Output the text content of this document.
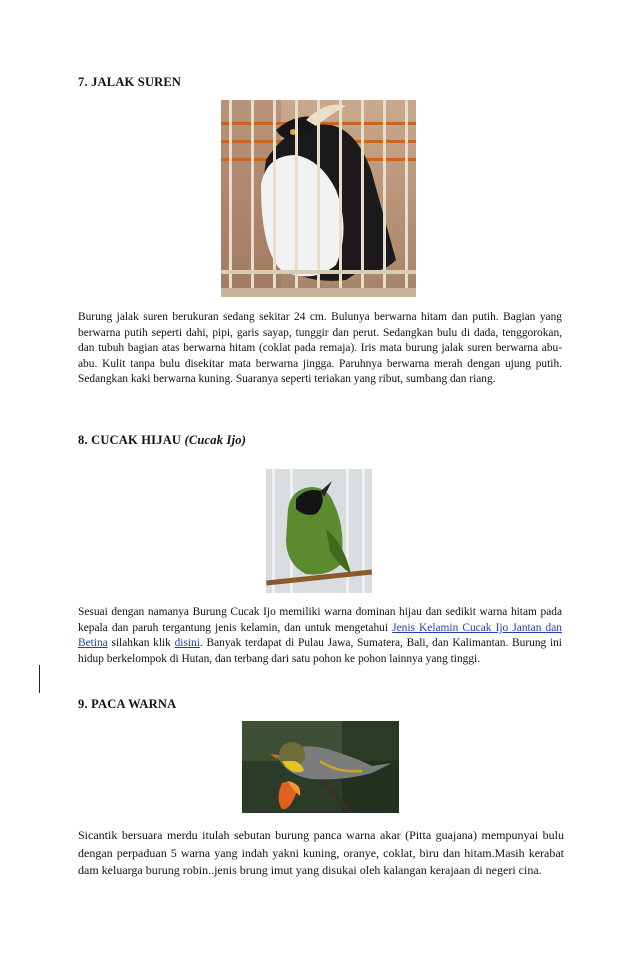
7. JALAK SUREN
Burung jalak suren berukuran sedang sekitar 24 cm. Bulunya berwarna hitam dan putih. Bagian yang berwarna putih seperti dahi, pipi, garis sayap, tunggir dan perut. Sedangkan bulu di dada, tenggorokan, dan tubuh bagian atas berwarna hitam (coklat pada remaja). Iris mata burung jalak suren berwarna abu-abu. Kulit tanpa bulu disekitar mata berwarna jingga. Paruhnya berwarna merah dengan ujung putih. Sedangkan kaki berwarna kuning. Suaranya seperti teriakan yang ribut, sumbang dan riang.
8. CUCAK HIJAU (Cucak Ijo)
Sesuai dengan namanya Burung Cucak Ijo memiliki warna dominan hijau dan sedikit warna hitam pada kepala dan paruh tergantung jenis kelamin, dan untuk mengetahui Jenis Kelamin Cucak Ijo Jantan dan Betina silahkan klik disini. Banyak terdapat di Pulau Jawa, Sumatera, Bali, dan Kalimantan. Burung ini hidup berkelompok di Hutan, dan terbang dari satu pohon ke pohon lainnya yang tinggi.
9. PACA WARNA
Sicantik bersuara merdu itulah sebutan burung panca warna akar (Pitta guajana) mempunyai bulu dengan perpaduan 5 warna yang indah yakni kuning, oranye, coklat, biru dan hitam.Masih kerabat dam keluarga burung robin..jenis brung imut yang disukai oleh kalangan kerajaan di negeri cina.
